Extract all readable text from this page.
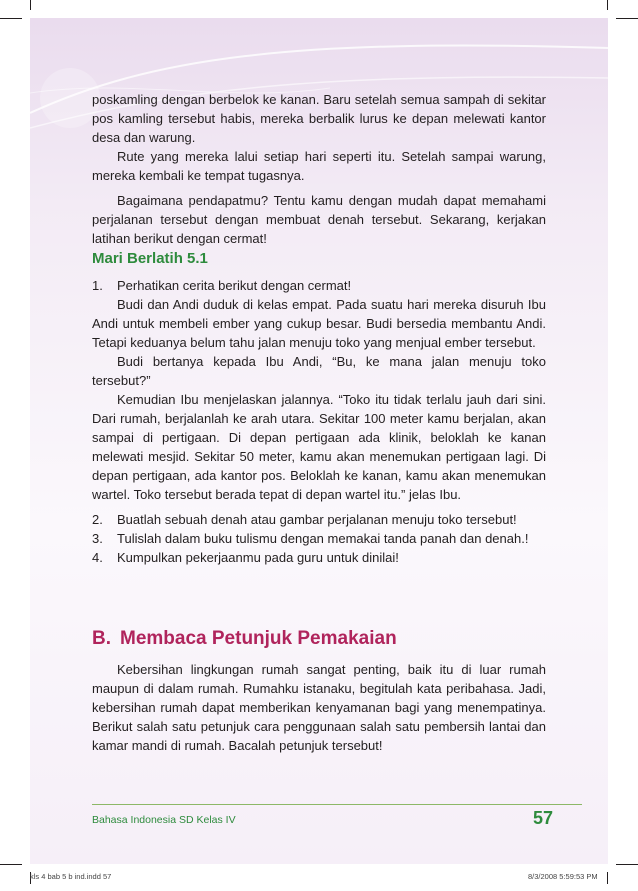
poskamling dengan berbelok ke kanan. Baru setelah semua sampah di sekitar pos kamling tersebut habis, mereka berbalik lurus ke depan melewati kantor desa dan warung.

Rute yang mereka lalui setiap hari seperti itu. Setelah sampai warung, mereka kembali ke tempat tugasnya.

Bagaimana pendapatmu? Tentu kamu dengan mudah dapat memahami perjalanan tersebut dengan membuat denah tersebut. Sekarang, kerjakan latihan berikut dengan cermat!

Mari Berlatih 5.1
1. Perhatikan cerita berikut dengan cermat!

Budi dan Andi duduk di kelas empat. Pada suatu hari mereka disuruh Ibu Andi untuk membeli ember yang cukup besar. Budi bersedia membantu Andi. Tetapi keduanya belum tahu jalan menuju toko yang menjual ember tersebut.

Budi bertanya kepada Ibu Andi, “Bu, ke mana jalan menuju toko tersebut?”

Kemudian Ibu menjelaskan jalannya. “Toko itu tidak terlalu jauh dari sini. Dari rumah, berjalanlah ke arah utara. Sekitar 100 meter kamu berjalan, akan sampai di pertigaan. Di depan pertigaan ada klinik, beloklah ke kanan melewati mesjid. Sekitar 50 meter, kamu akan menemukan pertigaan lagi. Di depan pertigaan, ada kantor pos. Beloklah ke kanan, kamu akan menemukan wartel. Toko tersebut berada tepat di depan wartel itu.” jelas Ibu.

2. Buatlah sebuah denah atau gambar perjalanan menuju toko tersebut!

3. Tulislah dalam buku tulismu dengan memakai tanda panah dan denah.!

4. Kumpulkan pekerjaanmu pada guru untuk dinilai!

B. Membaca Petunjuk Pemakaian

Kebersihan lingkungan rumah sangat penting, baik itu di luar rumah maupun di dalam rumah. Rumahku istanaku, begitulah kata peribahasa. Jadi, kebersihan rumah dapat memberikan kenyamanan bagi yang menempatinya. Berikut salah satu petunjuk cara penggunaan salah satu pembersih lantai dan kamar mandi di rumah. Bacalah petunjuk tersebut!

Bahasa Indonesia SD Kelas IV	57
kls 4 bab 5 b ind.indd 57	8/3/2008 5:59:53 PM
